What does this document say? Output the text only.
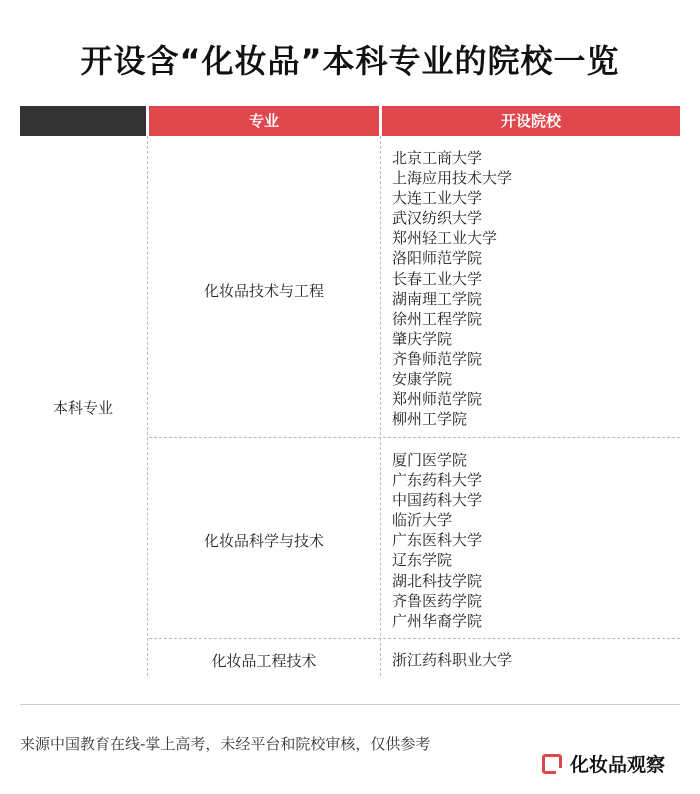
开设含“化妆品”本科专业的院校一览
专业	开设院校
本科专业
化妆品技术与工程
北京工商大学
上海应用技术大学
大连工业大学
武汉纺织大学
郑州轻工业大学
洛阳师范学院
长春工业大学
湖南理工学院
徐州工程学院
肇庆学院
齐鲁师范学院
安康学院
郑州师范学院
柳州工学院
化妆品科学与技术
厦门医学院
广东药科大学
中国药科大学
临沂大学
广东医科大学
辽东学院
湖北科技学院
齐鲁医药学院
广州华裔学院
化妆品工程技术	浙江药科职业大学
来源中国教育在线-掌上高考，未经平台和院校审核，仅供参考
化妆品观察
